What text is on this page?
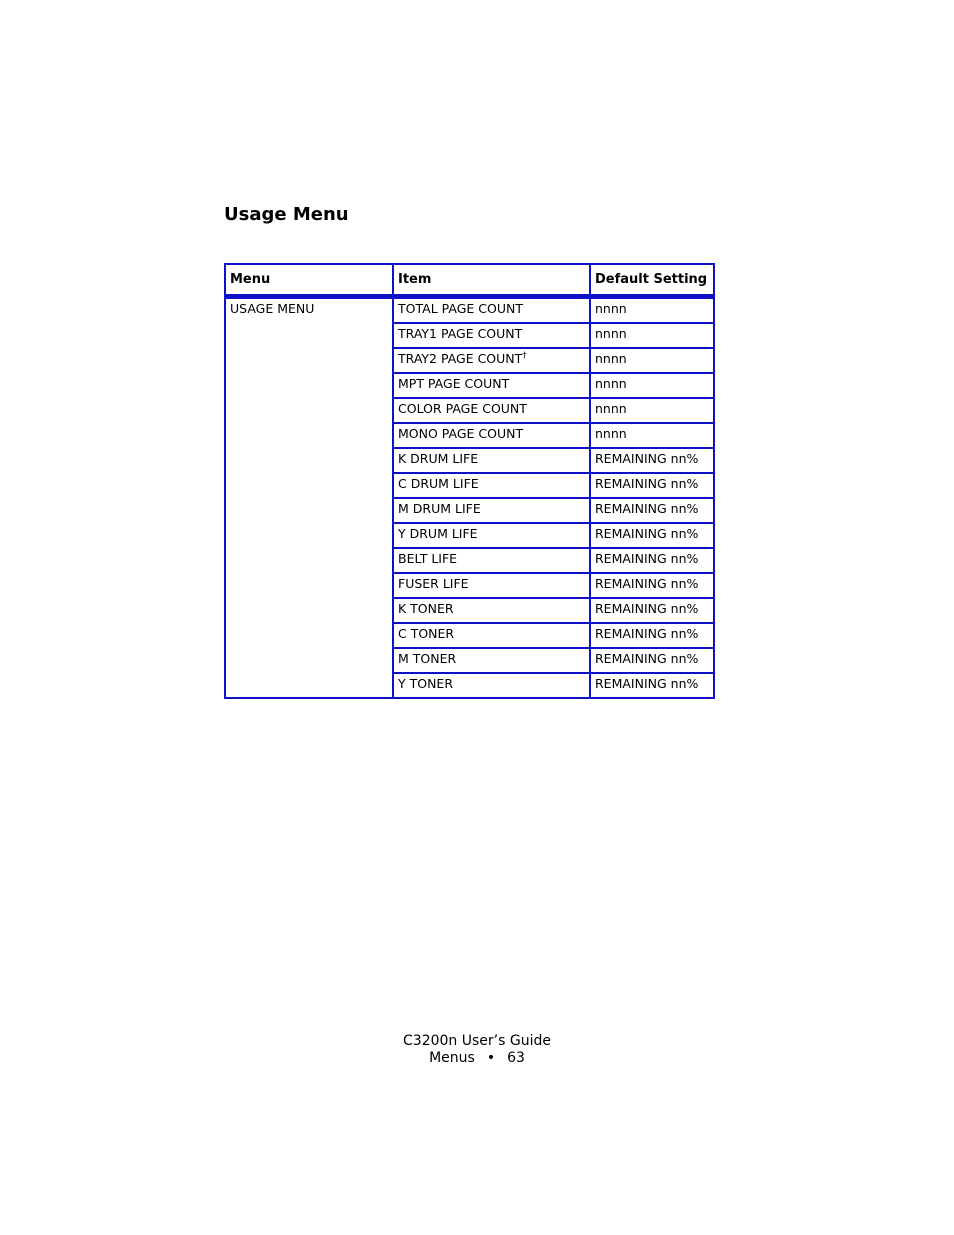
Usage Menu
Menu	Item	Default Setting
USAGE MENU	TOTAL PAGE COUNT	nnnn
	TRAY1 PAGE COUNT	nnnn
	TRAY2 PAGE COUNT†	nnnn
	MPT PAGE COUNT	nnnn
	COLOR PAGE COUNT	nnnn
	MONO PAGE COUNT	nnnn
	K DRUM LIFE	REMAINING nn%
	C DRUM LIFE	REMAINING nn%
	M DRUM LIFE	REMAINING nn%
	Y DRUM LIFE	REMAINING nn%
	BELT LIFE	REMAINING nn%
	FUSER LIFE	REMAINING nn%
	K TONER	REMAINING nn%
	C TONER	REMAINING nn%
	M TONER	REMAINING nn%
	Y TONER	REMAINING nn%
C3200n User’s Guide
Menus • 63
